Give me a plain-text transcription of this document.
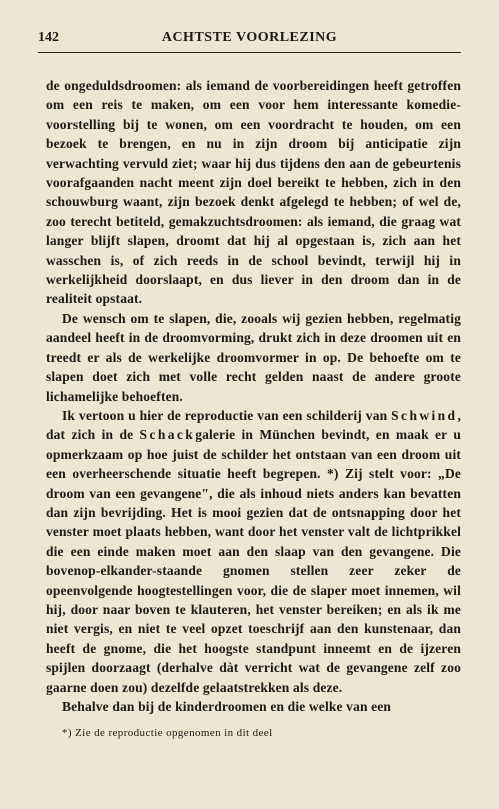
142	ACHTSTE VOORLEZING

de ongeduldsdroomen: als iemand de voorbereidingen heeft getroffen om een reis te maken, om een voor hem interessante komedie-voorstelling bij te wonen, om een voordracht te houden, om een bezoek te brengen, en nu in zijn droom bij anticipatie zijn verwachting vervuld ziet; waar hij dus tijdens den aan de gebeurtenis voorafgaanden nacht meent zijn doel bereikt te hebben, zich in den schouwburg waant, zijn bezoek denkt afgelegd te hebben; of wel de, zoo terecht betiteld, gemakzuchtsdroomen: als iemand, die graag wat langer blijft slapen, droomt dat hij al opgestaan is, zich aan het wasschen is, of zich reeds in de school bevindt, terwijl hij in werkelijkheid doorslaapt, en dus liever in den droom dan in de realiteit opstaat.

De wensch om te slapen, die, zooals wij gezien hebben, regelmatig aandeel heeft in de droomvorming, drukt zich in deze droomen uit en treedt er als de werkelijke droomvormer in op. De behoefte om te slapen doet zich met volle recht gelden naast de andere groote lichamelijke behoeften.

Ik vertoon u hier de reproductie van een schilderij van Schwind, dat zich in de Schackgalerie in München bevindt, en maak er u opmerkzaam op hoe juist de schilder het ontstaan van een droom uit een overheerschende situatie heeft begrepen. *) Zij stelt voor: „De droom van een gevangene", die als inhoud niets anders kan bevatten dan zijn bevrijding. Het is mooi gezien dat de ontsnapping door het venster moet plaats hebben, want door het venster valt de lichtprikkel die een einde maken moet aan den slaap van den gevangene. Die bovenop-elkander-staande gnomen stellen zeer zeker de opeenvolgende hoogtestellingen voor, die de slaper moet innemen, wil hij, door naar boven te klauteren, het venster bereiken; en als ik me niet vergis, en niet te veel opzet toeschrijf aan den kunstenaar, dan heeft de gnome, die het hoogste standpunt inneemt en de ijzeren spijlen doorzaagt (derhalve dàt verricht wat de gevangene zelf zoo gaarne doen zou) dezelfde gelaatstrekken als deze.

Behalve dan bij de kinderdroomen en die welke van een

*) Zie de reproductie opgenomen in dit deel
